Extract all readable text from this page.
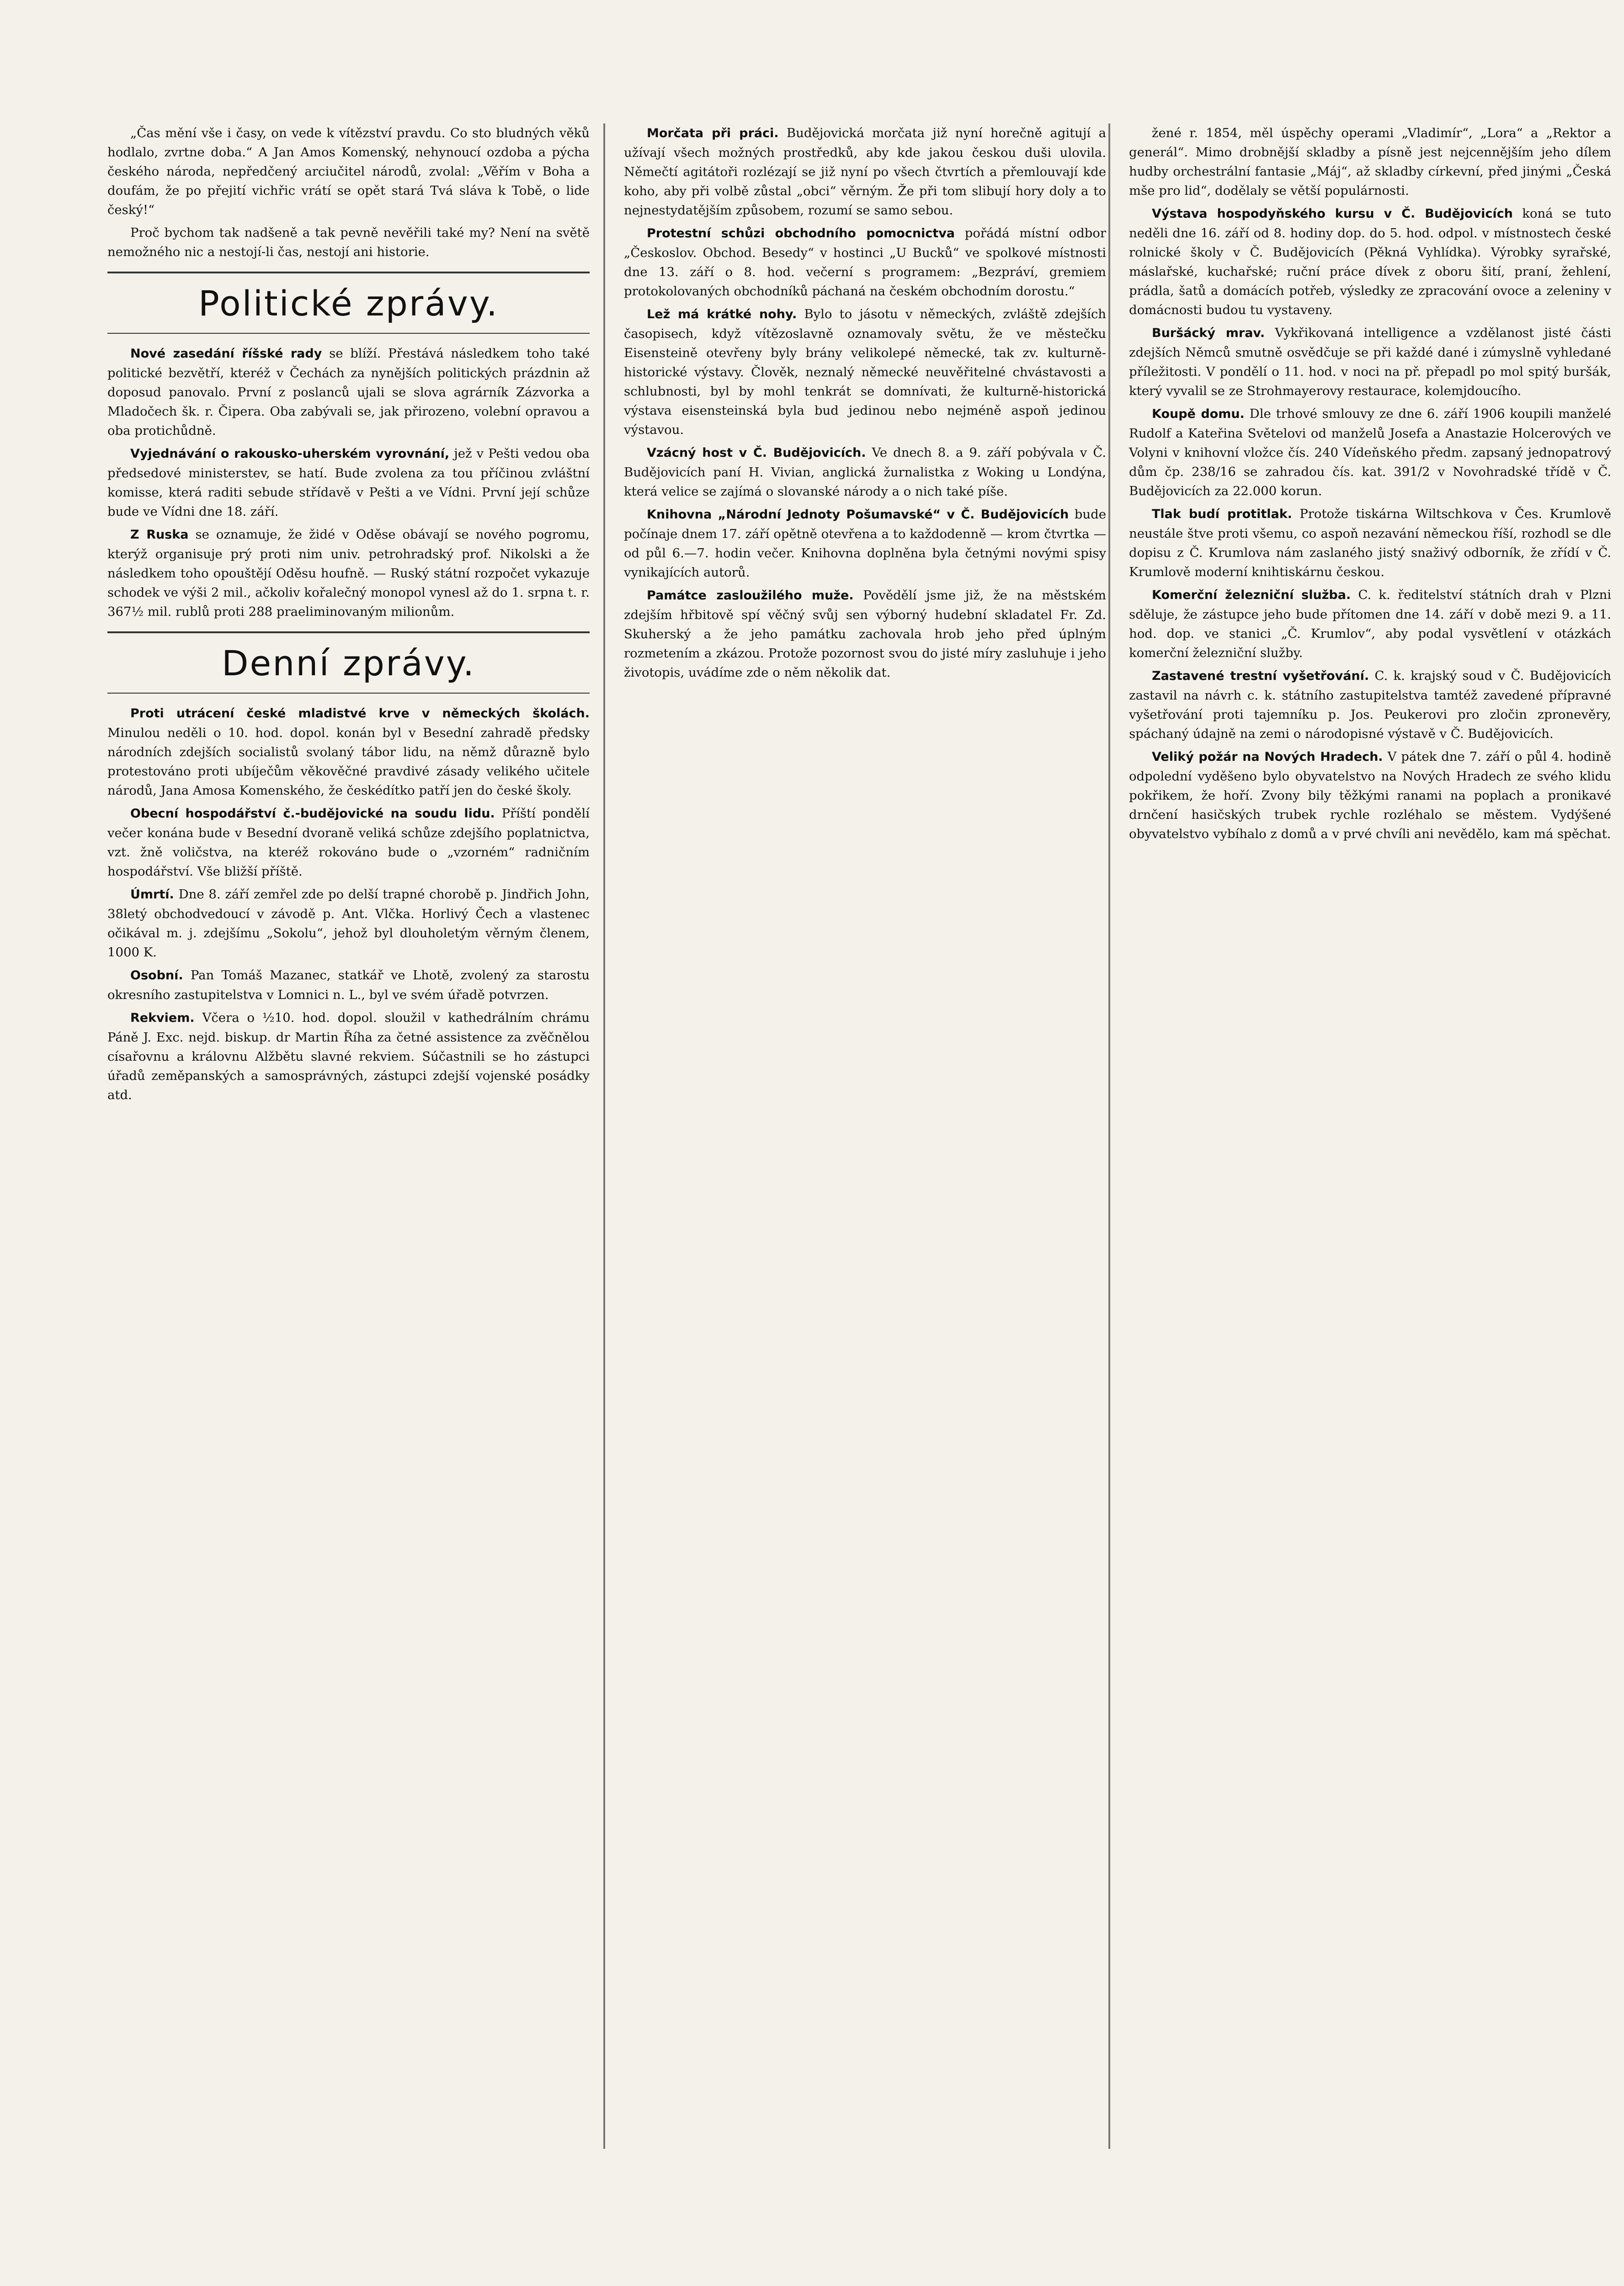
„Čas mění vše i časy, on vede k vítězství pravdu. Co sto bludných věků hodlalo, zvrtne doba.“ A Jan Amos Komenský, nehynoucí ozdoba a pýcha českého národa, nepředčený arciučitel národů, zvolal: „Věřím v Boha a doufám, že po přejití vichřic vrátí se opět stará Tvá sláva k Tobě, o lide český!“

Proč bychom tak nadšeně a tak pevně nevěřili také my? Není na světě nemožného nic a nestojí-li čas, nestojí ani historie.

Politické zprávy.

Nové zasedání říšské rady se blíží. Přestává následkem toho také politické bezvětří, kteréž v Čechách za nynějších politických prázdnin až doposud panovalo. První z poslanců ujali se slova agrárník Zázvorka a Mladočech šk. r. Čipera. Oba zabývali se, jak přirozeno, volební opravou a oba protichůdně.

Vyjednávání o rakousko-uherském vyrovnání, jež v Pešti vedou oba předsedové ministerstev, se hatí. Bude zvolena za tou příčinou zvláštní komisse, která raditi sebude střídavě v Pešti a ve Vídni. První její schůze bude ve Vídni dne 18. září.

Z Ruska se oznamuje, že židé v Oděse obávají se nového pogromu, kterýž organisuje prý proti nim univ. petrohradský prof. Nikolski a že následkem toho opouštějí Oděsu houfně. — Ruský státní rozpočet vykazuje schodek ve výši 2 mil., ačkoliv kořalečný monopol vynesl až do 1. srpna t. r. 367½ mil. rublů proti 288 praeliminovaným milionům.

Denní zprávy.

Proti utrácení české mladistvé krve v německých školách. Minulou neděli o 10. hod. dopol. konán byl v Besední zahradě předsky národních zdejších socialistů svolaný tábor lidu, na němž důrazně bylo protestováno proti ubíječům věkověčné pravdivé zásady velikého učitele národů, Jana Amosa Komenského, že českédítko patří jen do české školy.

Obecní hospodářství č.-budějovické na soudu lidu. Příští pondělí večer konána bude v Besední dvoraně veliká schůze zdejšího poplatnictva, vzt. žně voličstva, na kteréž rokováno bude o „vzorném“ radničním hospodářství. Vše bližší příště.

Úmrtí. Dne 8. září zemřel zde po delší trapné chorobě p. Jindřich John, 38letý obchodvedoucí v závodě p. Ant. Vlčka. Horlivý Čech a vlastenec očikával m. j. zdejšímu „Sokolu“, jehož byl dlouholetým věrným členem, 1000 K.

Osobní. Pan Tomáš Mazanec, statkář ve Lhotě, zvolený za starostu okresního zastupitelstva v Lomnici n. L., byl ve svém úřadě potvrzen.

Rekviem. Včera o ½10. hod. dopol. sloužil v kathedrálním chrámu Páně J. Exc. nejd. biskup. dr Martin Říha za četné assistence za zvěčnělou císařovnu a královnu Alžbětu slavné rekviem. Súčastnili se ho zástupci úřadů zeměpanských a samosprávných, zástupci zdejší vojenské posádky atd.

Morčata při práci. Budějovická morčata již nyní horečně agitují a užívají všech možných prostředků, aby kde jakou českou duši ulovila. Němečtí agitátoři rozlézají se již nyní po všech čtvrtích a přemlouvají kde koho, aby při volbě zůstal „obci“ věrným. Že při tom slibují hory doly a to nejnestydatějším způsobem, rozumí se samo sebou.

Protestní schůzi obchodního pomocnictva pořádá místní odbor „Českoslov. Obchod. Besedy“ v hostinci „U Bucků“ ve spolkové místnosti dne 13. září o 8. hod. večerní s programem: „Bezpráví, gremiem protokolovaných obchodníků páchaná na českém obchodním dorostu.“

Lež má krátké nohy. Bylo to jásotu v německých, zvláště zdejších časopisech, když vítězoslavně oznamovaly světu, že ve městečku Eisensteině otevřeny byly brány velikolepé německé, tak zv. kulturně-historické výstavy. Člověk, neznalý německé neuvěřitelné chvástavosti a schlubnosti, byl by mohl tenkrát se domnívati, že kulturně-historická výstava eisensteinská byla bud jedinou nebo nejméně aspoň jedinou výstavou.

Vzácný host v Č. Budějovicích. Ve dnech 8. a 9. září pobývala v Č. Budějovicích paní H. Vivian, anglická žurnalistka z Woking u Londýna, která velice se zajímá o slovanské národy a o nich také píše.

Knihovna „Národní Jednoty Pošumavské“ v Č. Budějovicích bude počínaje dnem 17. září opětně otevřena a to každodenně — krom čtvrtka — od půl 6.—7. hodin večer. Knihovna doplněna byla četnými novými spisy vynikajících autorů.

Památce zasloužilého muže. Povědělí jsme již, že na městském zdejším hřbitově spí věčný svůj sen výborný hudební skladatel Fr. Zd. Skuherský a že jeho památku zachovala hrob jeho před úplným rozmetením a zkázou. Protože pozornost svou do jisté míry zasluhuje i jeho životopis, uvádíme zde o něm několik dat.

žené r. 1854, měl úspěchy operami „Vladimír“, „Lora“ a „Rektor a generál“. Mimo drobnější skladby a písně jest nejcennějším jeho dílem hudby orchestrální fantasie „Máj“, až skladby církevní, před jinými „Česká mše pro lid“, dodělaly se větší populárnosti.

Výstava hospodyňského kursu v Č. Budějovicích koná se tuto neděli dne 16. září od 8. hodiny dop. do 5. hod. odpol. v místnostech české rolnické školy v Č. Budějovicích (Pěkná Vyhlídka). Výrobky syrařské, máslařské, kuchařské; ruční práce dívek z oboru šití, praní, žehlení, prádla, šatů a domácích potřeb, výsledky ze zpracování ovoce a zeleniny v domácnosti budou tu vystaveny.

Buršácký mrav. Vykřikovaná intelligence a vzdělanost jisté části zdejších Němců smutně osvědčuje se při každé dané i zúmyslně vyhledané příležitosti. V pondělí o 11. hod. v noci na př. přepadl po mol spitý buršák, který vyvalil se ze Strohmayerovy restaurace, kolemjdoucího.

Koupě domu. Dle trhové smlouvy ze dne 6. září 1906 koupili manželé Rudolf a Kateřina Světelovi od manželů Josefa a Anastazie Holcerových ve Volyni v knihovní vložce čís. 240 Vídeňského předm. zapsaný jednopatrový dům čp. 238/16 se zahradou čís. kat. 391/2 v Novohradské třídě v Č. Budějovicích za 22.000 korun.

Tlak budí protitlak. Protože tiskárna Wiltschkova v Čes. Krumlově neustále štve proti všemu, co aspoň nezavání německou říší, rozhodl se dle dopisu z Č. Krumlova nám zaslaného jistý snaživý odborník, že zřídí v Č. Krumlově moderní knihtiskárnu českou.

Komerční železniční služba. C. k. ředitelství státních drah v Plzni sděluje, že zástupce jeho bude přítomen dne 14. září v době mezi 9. a 11. hod. dop. ve stanici „Č. Krumlov“, aby podal vysvětlení v otázkách komerční železniční služby.

Zastavené trestní vyšetřování. C. k. krajský soud v Č. Budějovicích zastavil na návrh c. k. státního zastupitelstva tamtéž zavedené přípravné vyšetřování proti tajemníku p. Jos. Peukerovi pro zločin zpronevěry, spáchaný údajně na zemi o národopisné výstavě v Č. Budějovicích.

Veliký požár na Nových Hradech. V pátek dne 7. září o půl 4. hodině odpolední vyděšeno bylo obyvatelstvo na Nových Hradech ze svého klidu pokřikem, že hoří. Zvony bily těžkými ranami na poplach a pronikavé drnčení hasičských trubek rychle rozléhalo se městem. Vydýšené obyvatelstvo vybíhalo z domů a v prvé chvíli ani nevědělo, kam má spěchat.
